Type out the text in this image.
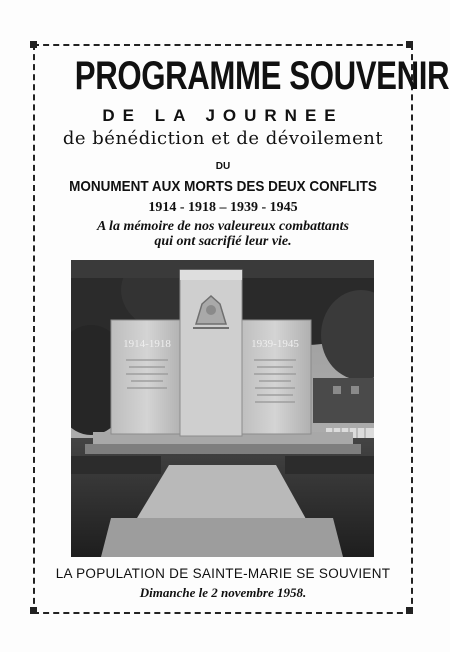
PROGRAMME SOUVENIR
DE LA JOURNEE
de bénédiction et de dévoilement
DU
MONUMENT AUX MORTS DES DEUX CONFLITS
1914 - 1918 – 1939 - 1945
A la mémoire de nos valeureux combattants
qui ont sacrifié leur vie.
1914-1918	1939-1945
LA POPULATION DE SAINTE-MARIE SE SOUVIENT
Dimanche le 2 novembre 1958.
